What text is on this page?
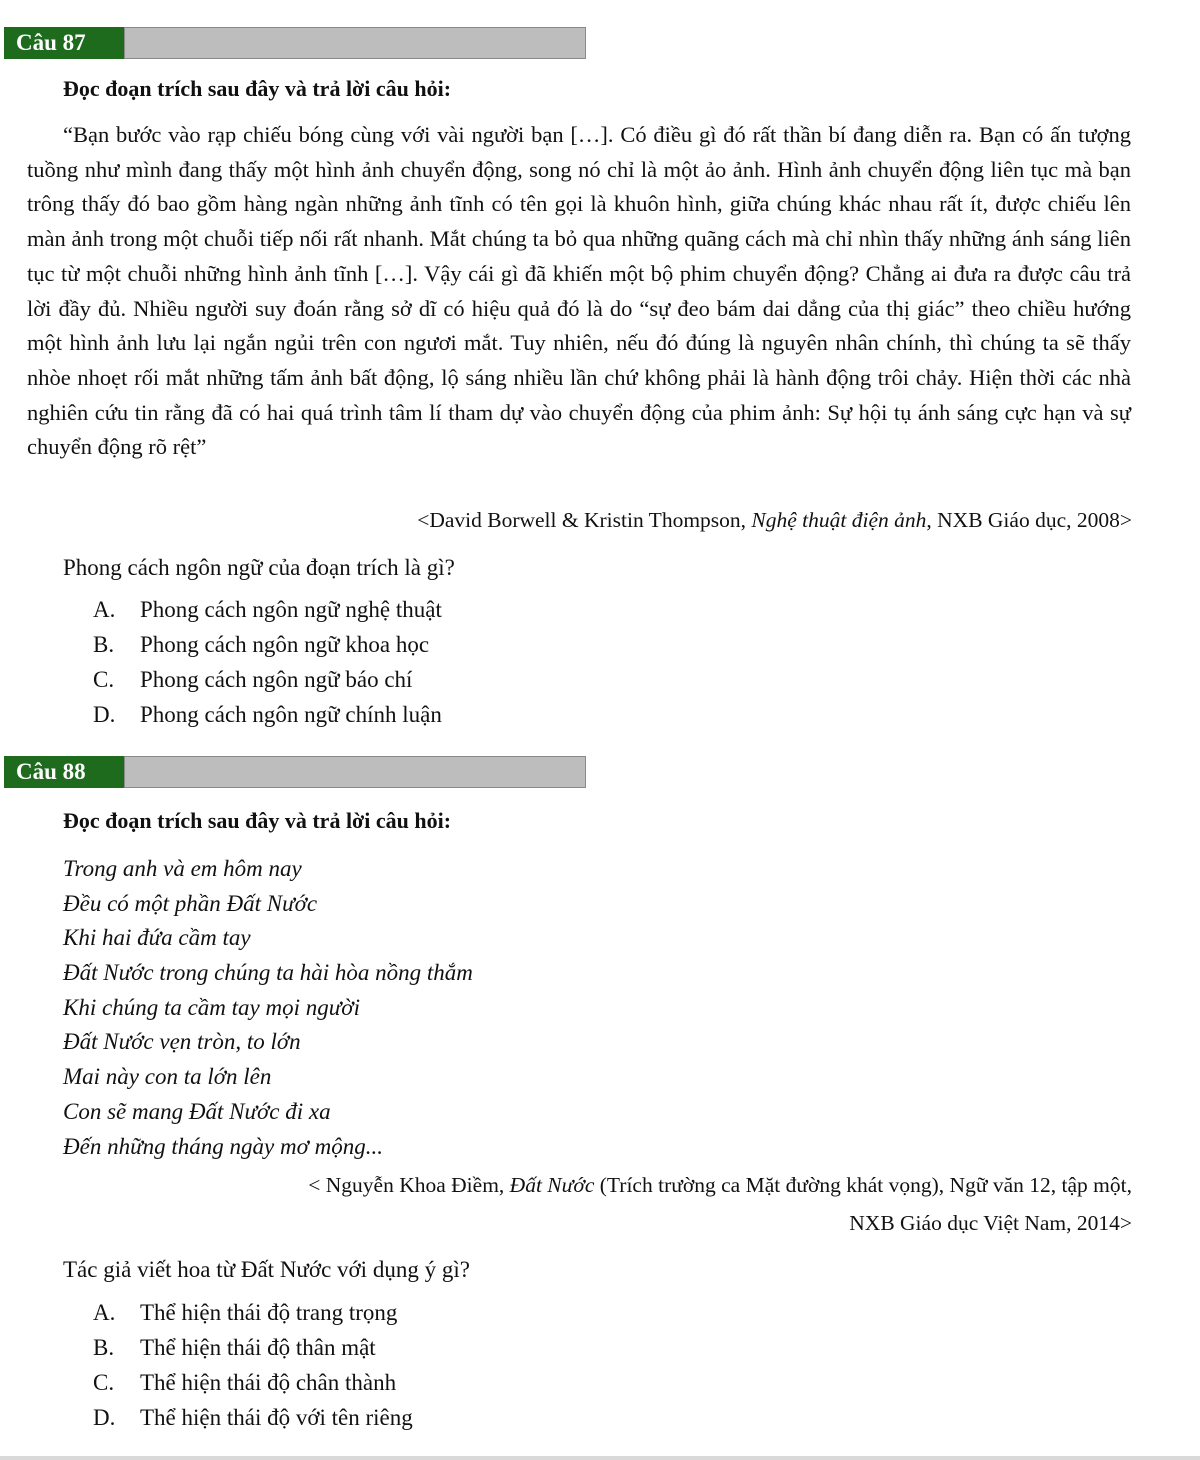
Câu 87
Đọc đoạn trích sau đây và trả lời câu hỏi:
“Bạn bước vào rạp chiếu bóng cùng với vài người bạn […]. Có điều gì đó rất thần bí đang diễn ra. Bạn có ấn tượng tuồng như mình đang thấy một hình ảnh chuyển động, song nó chỉ là một ảo ảnh. Hình ảnh chuyển động liên tục mà bạn trông thấy đó bao gồm hàng ngàn những ảnh tĩnh có tên gọi là khuôn hình, giữa chúng khác nhau rất ít, được chiếu lên màn ảnh trong một chuỗi tiếp nối rất nhanh. Mắt chúng ta bỏ qua những quãng cách mà chỉ nhìn thấy những ánh sáng liên tục từ một chuỗi những hình ảnh tĩnh […]. Vậy cái gì đã khiến một bộ phim chuyển động? Chẳng ai đưa ra được câu trả lời đầy đủ. Nhiều người suy đoán rằng sở dĩ có hiệu quả đó là do “sự đeo bám dai dẳng của thị giác” theo chiều hướng một hình ảnh lưu lại ngắn ngủi trên con ngươi mắt. Tuy nhiên, nếu đó đúng là nguyên nhân chính, thì chúng ta sẽ thấy nhòe nhoẹt rối mắt những tấm ảnh bất động, lộ sáng nhiều lần chứ không phải là hành động trôi chảy. Hiện thời các nhà nghiên cứu tin rằng đã có hai quá trình tâm lí tham dự vào chuyển động của phim ảnh: Sự hội tụ ánh sáng cực hạn và sự chuyển động rõ rệt”
<David Borwell & Kristin Thompson, Nghệ thuật điện ảnh, NXB Giáo dục, 2008>
Phong cách ngôn ngữ của đoạn trích là gì?
A.	Phong cách ngôn ngữ nghệ thuật
B.	Phong cách ngôn ngữ khoa học
C.	Phong cách ngôn ngữ báo chí
D.	Phong cách ngôn ngữ chính luận
Câu 88
Đọc đoạn trích sau đây và trả lời câu hỏi:
Trong anh và em hôm nay
Đều có một phần Đất Nước
Khi hai đứa cầm tay
Đất Nước trong chúng ta hài hòa nồng thắm
Khi chúng ta cầm tay mọi người
Đất Nước vẹn tròn, to lớn
Mai này con ta lớn lên
Con sẽ mang Đất Nước đi xa
Đến những tháng ngày mơ mộng...
< Nguyễn Khoa Điềm, Đất Nước (Trích trường ca Mặt đường khát vọng), Ngữ văn 12, tập một,
NXB Giáo dục Việt Nam, 2014>
Tác giả viết hoa từ Đất Nước với dụng ý gì?
A.	Thể hiện thái độ trang trọng
B.	Thể hiện thái độ thân mật
C.	Thể hiện thái độ chân thành
D.	Thể hiện thái độ với tên riêng
